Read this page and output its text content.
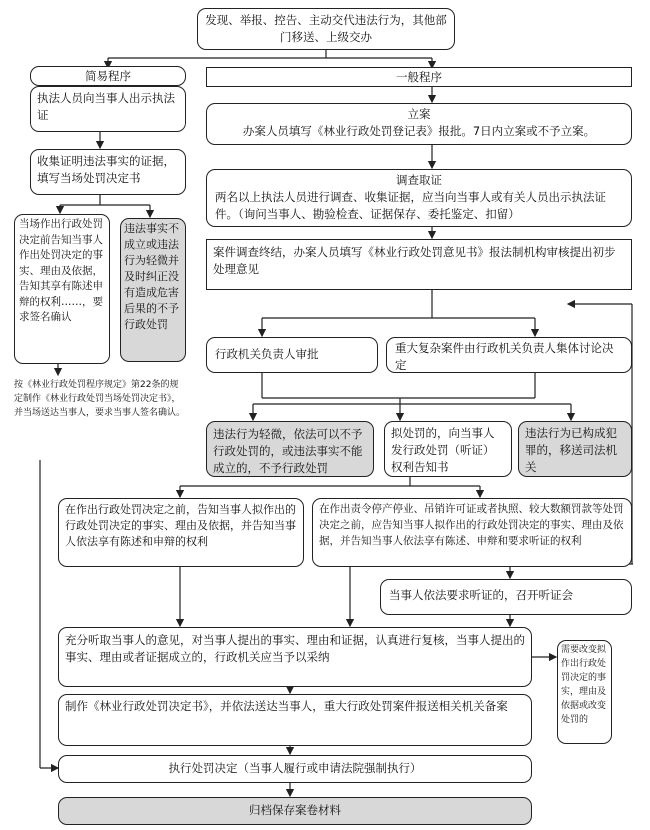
发现、举报、控告、主动交代违法行为，其他部门移送、上级交办
简易程序
执法人员向当事人出示执法证
收集证明违法事实的证据，填写当场处罚决定书
当场作出行政处罚决定前告知当事人作出处罚决定的事实、理由及依据，告知其享有陈述申辩的权利……，要求签名确认
违法事实不成立或违法行为轻微并及时纠正没有造成危害后果的不予行政处罚
按《林业行政处罚程序规定》第22条的规定制作《林业行政处罚当场处罚决定书》，并当场送达当事人，要求当事人签名确认。
一般程序
立案
办案人员填写《林业行政处罚登记表》报批。7日内立案或不予立案。
调查取证
两名以上执法人员进行调查、收集证据，应当向当事人或有关人员出示执法证件。（询问当事人、勘验检查、证据保存、委托鉴定、扣留）
案件调查终结，办案人员填写《林业行政处罚意见书》报法制机构审核提出初步处理意见
行政机关负责人审批	重大复杂案件由行政机关负责人集体讨论决定
违法行为轻微，依法可以不予行政处罚的，或违法事实不能成立的，不予行政处罚
拟处罚的，向当事人发行政处罚（听证）权利告知书
违法行为已构成犯罪的，移送司法机关
在作出行政处罚决定之前，告知当事人拟作出的行政处罚决定的事实、理由及依据，并告知当事人依法享有陈述和申辩的权利
在作出责令停产停业、吊销许可证或者执照、较大数额罚款等处罚决定之前，应告知当事人拟作出的行政处罚决定的事实、理由及依据，并告知当事人依法享有陈述、申辩和要求听证的权利
当事人依法要求听证的，召开听证会
充分听取当事人的意见，对当事人提出的事实、理由和证据，认真进行复核，当事人提出的事实、理由或者证据成立的，行政机关应当予以采纳	需要改变拟作出行政处罚决定的事实，理由及依据或改变处罚的
制作《林业行政处罚决定书》，并依法送达当事人，重大行政处罚案件报送相关机关备案
执行处罚决定（当事人履行或申请法院强制执行）
归档保存案卷材料
